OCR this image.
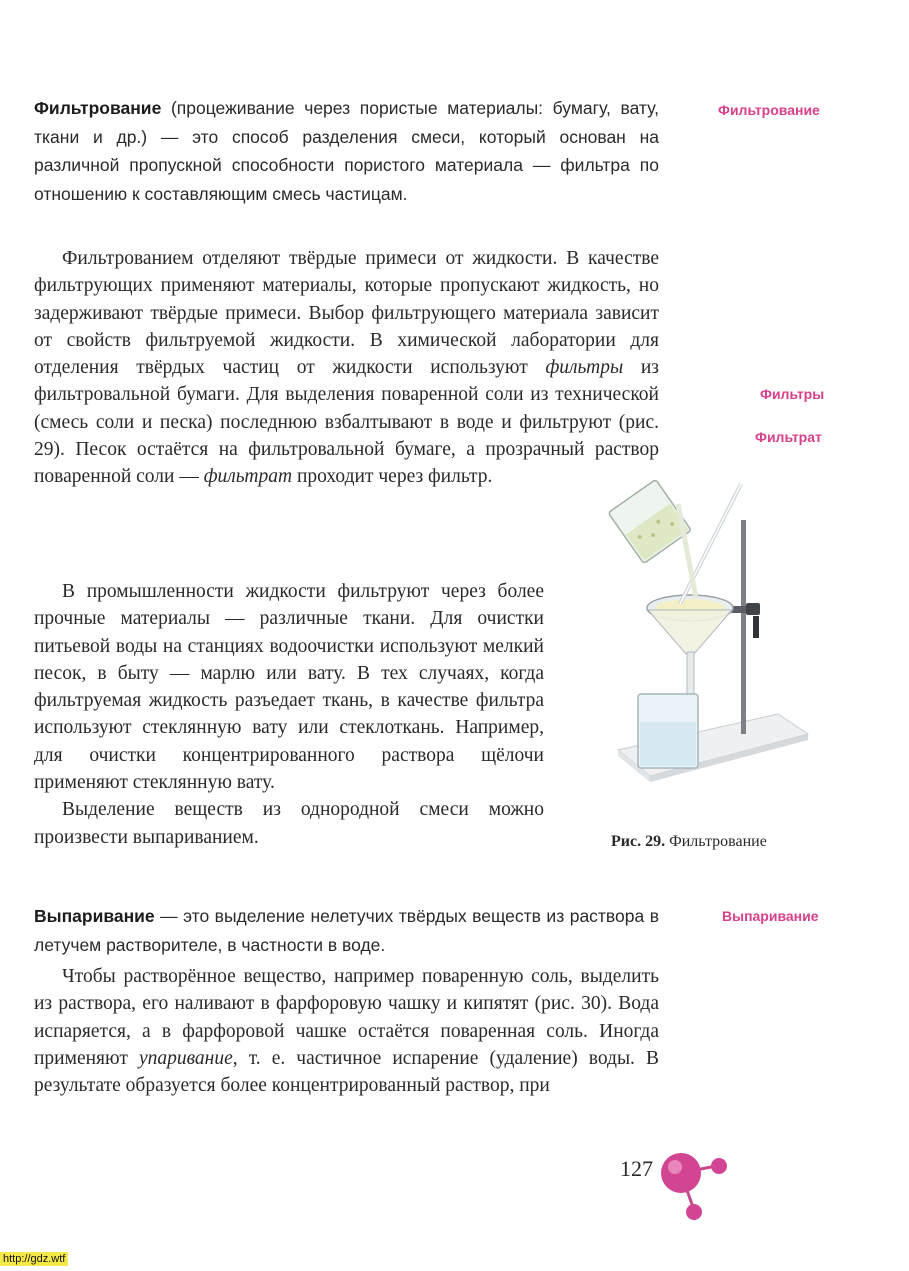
Фильтрование (процеживание через пористые материалы: бумагу, вату, ткани и др.) — это способ разделения смеси, который основан на различной пропускной способности пористого материала — фильтра по отношению к составляющим смесь частицам.

Фильтрованием отделяют твёрдые примеси от жидкости. В качестве фильтрующих применяют материалы, которые пропускают жидкость, но задерживают твёрдые примеси. Выбор фильтрующего материала зависит от свойств фильтруемой жидкости. В химической лаборатории для отделения твёрдых частиц от жидкости используют фильтры из фильтровальной бумаги. Для выделения поваренной соли из технической (смесь соли и песка) последнюю взбалтывают в воде и фильтруют (рис. 29). Песок остаётся на фильтровальной бумаге, а прозрачный раствор поваренной соли — фильтрат проходит через фильтр.

В промышленности жидкости фильтруют через более прочные материалы — различные ткани. Для очистки питьевой воды на станциях водоочистки используют мелкий песок, в быту — марлю или вату. В тех случаях, когда фильтруемая жидкость разъедает ткань, в качестве фильтра используют стеклянную вату или стеклоткань. Например, для очистки концентрированного раствора щёлочи применяют стеклянную вату.

Выделение веществ из однородной смеси можно произвести выпариванием.

Выпаривание — это выделение нелетучих твёрдых веществ из раствора в летучем растворителе, в частности в воде.

Чтобы растворённое вещество, например поваренную соль, выделить из раствора, его наливают в фарфоровую чашку и кипятят (рис. 30). Вода испаряется, а в фарфоровой чашке остаётся поваренная соль. Иногда применяют упаривание, т. е. частичное испарение (удаление) воды. В результате образуется более концентрированный раствор, при

Фильтрование
Фильтры
Фильтрат
Выпаривание
Рис. 29. Фильтрование
127
http://gdz.wtf
